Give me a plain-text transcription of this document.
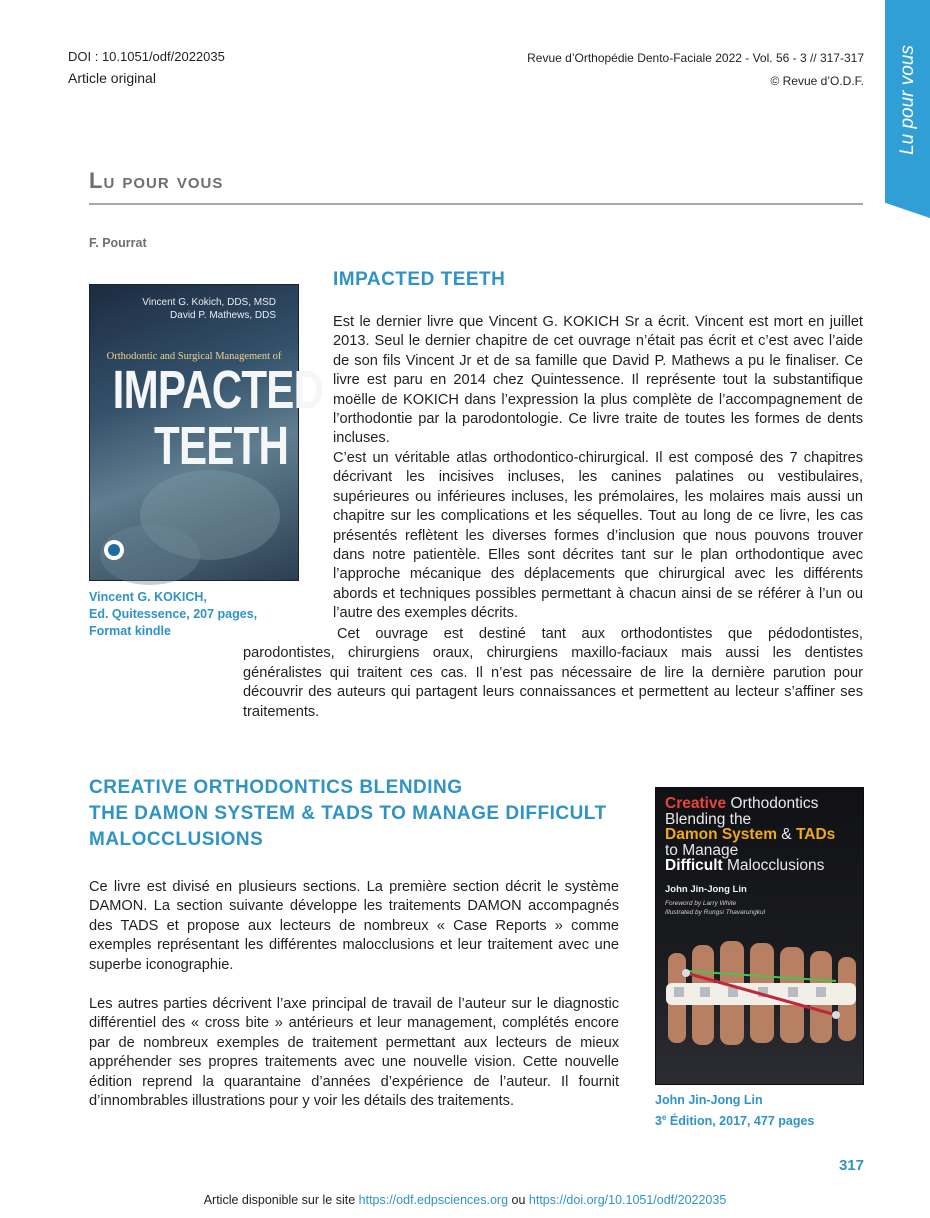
DOI : 10.1051/odf/2022035
Article original
Revue d’Orthopédie Dento-Faciale 2022 - Vol. 56 - 3 // 317-317
© Revue d’O.D.F. Lu pour vous
Lu pour vous
F. Pourrat
Vincent G. Kokich, DDS, MSD
David P. Mathews, DDS
Orthodontic and Surgical Management of
IMPACTED
TEETH
Vincent G. KOKICH,
Ed. Quitessence, 207 pages,
Format kindle
IMPACTED TEETH
Est le dernier livre que Vincent G. KOKICH Sr a écrit. Vincent est mort en juillet 2013. Seul le dernier chapitre de cet ouvrage n’était pas écrit et c’est avec l’aide de son fils Vincent Jr et de sa famille que David P. Mathews a pu le finaliser. Ce livre est paru en 2014 chez Quintessence. Il représente tout la substantifique moëlle de KOKICH dans l’expression la plus complète de l’accompagnement de l’orthodontie par la parodontologie. Ce livre traite de toutes les formes de dents incluses.
C’est un véritable atlas orthodontico-chirurgical. Il est composé des 7 chapitres décrivant les incisives incluses, les canines palatines ou vestibulaires, supérieures ou inférieures incluses, les prémolaires, les molaires mais aussi un chapitre sur les complications et les séquelles. Tout au long de ce livre, les cas présentés reflètent les diverses formes d’inclusion que nous pouvons trouver dans notre patientèle. Elles sont décrites tant sur le plan orthodontique avec l’approche mécanique des déplacements que chirurgical avec les différents abords et techniques possibles permettant à chacun ainsi de se référer à l’un ou l’autre des exemples décrits.
Cet ouvrage est destiné tant aux orthodontistes que pédodontistes, parodontistes, chirurgiens oraux, chirurgiens maxillo-faciaux mais aussi les dentistes généralistes qui traitent ces cas. Il n’est pas nécessaire de lire la dernière parution pour découvrir des auteurs qui partagent leurs connaissances et permettent au lecteur s’affiner ses traitements.
CREATIVE ORTHODONTICS BLENDING
THE DAMON SYSTEM & TADS TO MANAGE DIFFICULT
MALOCCLUSIONS
Ce livre est divisé en plusieurs sections. La première section décrit le système DAMON. La section suivante développe les traitements DAMON accompagnés des TADS et propose aux lecteurs de nombreux « Case Reports » comme exemples représentant les différentes malocclusions et leur traitement avec une superbe iconographie.
Les autres parties décrivent l’axe principal de travail de l’auteur sur le diagnostic différentiel des « cross bite » antérieurs et leur management, complétés encore par de nombreux exemples de traitement permettant aux lecteurs de mieux appréhender ses propres traitements avec une nouvelle vision. Cette nouvelle édition reprend la quarantaine d’années d’expérience de l’auteur. Il fournit d’innombrables illustrations pour y voir les détails des traitements.
Creative Orthodontics
Blending the
Damon System & TADs
to Manage
Difficult Malocclusions
John Jin-Jong Lin
Foreword by Larry White
Illustrated by Rungsi Thavarungkul
John Jin-Jong Lin
3e Édition, 2017, 477 pages
317
Article disponible sur le site https://odf.edpsciences.org ou https://doi.org/10.1051/odf/2022035
